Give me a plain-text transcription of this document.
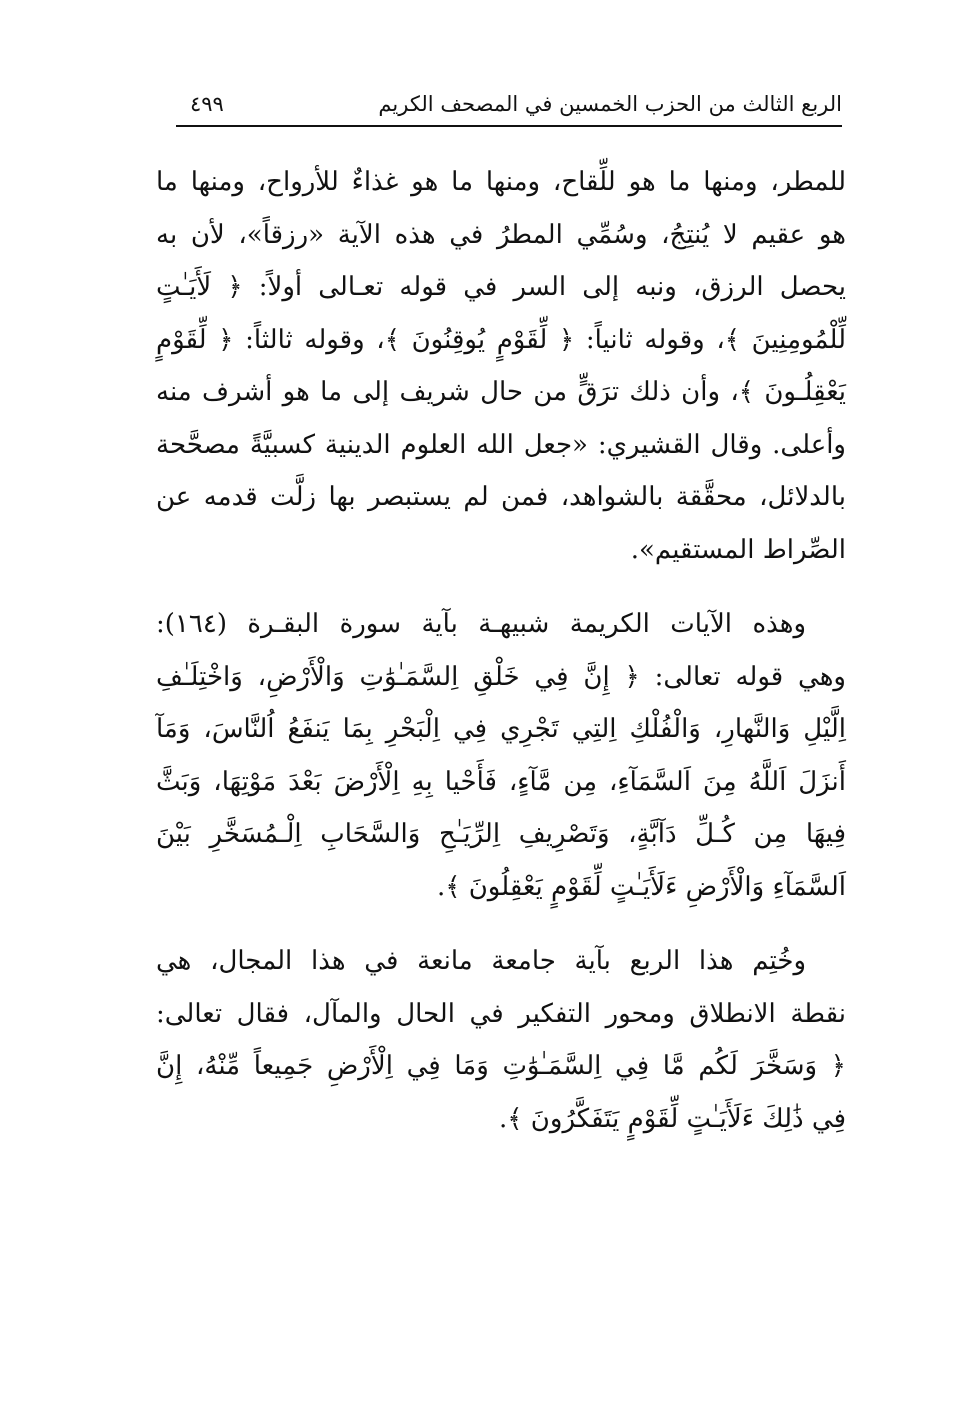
الربع الثالث من الحزب الخمسين في المصحف الكريم
٤٩٩
للمطر، ومنها ما هو للِّقاح، ومنها ما هو غذاءٌ للأرواح، ومنها ما
هو عقيم لا يُنتِجُ، وسُمِّي المطرُ في هذه الآية «رزقاً»، لأن به
يحصل الرزق، ونبه إلى السر في قوله تعـالى أولاً: ﴿ لَأَيَـٰتٍ
لِّلْمُومِنِينَ ﴾، وقوله ثانياً: ﴿ لِّقَوْمٍ يُوقِنُونَ ﴾، وقوله ثالثاً: ﴿ لِّقَوْمٍ
يَعْقِلُـونَ ﴾، وأن ذلك ترَقٍّ من حال شريف إلى ما هو أشرف منه
وأعلى. وقال القشيري: «جعل الله العلوم الدينية كسبيَّةً مصحَّحة
بالدلائل، محقَّقة بالشواهد، فمن لم يستبصر بها زلَّت قدمه عن
الصِّراط المستقيم».
وهذه الآيات الكريمة شبيهـة بآية سورة البقـرة (١٦٤):
وهي قوله تعالى: ﴿ إِنَّ فِي خَلْقِ اِلسَّمَـٰوَٰتِ وَالْأَرْضِ، وَاخْتِلَـٰفِ
اِلَّيْلِ وَالنَّهارِ، وَالْفُلْكِ اِلتِي تَجْرِي فِي اِلْبَحْرِ بِمَا يَنفَعُ اُلنَّاسَ، وَمَآ
أَنزَلَ اَللَّهُ مِنَ اَلسَّمَآءِ، مِن مَّآءٍ، فَأَحْيا بِهِ اِلْأَرْضَ بَعْدَ مَوْتِهَا، وَبَثَّ
فِيهَا مِن كُـلِّ دَآبَّةٍ، وَتَصْرِيفِ اِلرِّيَـٰحِ وَالسَّحَابِ اِلْـمُسَخَّرِ بَيْنَ
اَلسَّمَآءِ وَالْأَرْضِ ءَلَأَيَـٰتٍ لِّقَوْمٍ يَعْقِلُونَ ﴾.
وخُتِم هذا الربع بآية جامعة مانعة في هذا المجال، هي
نقطة الانطلاق ومحور التفكير في الحال والمآل، فقال تعالى:
﴿ وَسَخَّرَ لَكُم مَّا فِي اِلسَّمَـٰوَٰتِ وَمَا فِي اِلْأَرْضِ جَمِيعاً مِّنْهُ، إِنَّ
فِي ذَٰلِكَ ءَلَأَيَـٰتٍ لِّقَوْمٍ يَتَفَكَّرُونَ ﴾.
